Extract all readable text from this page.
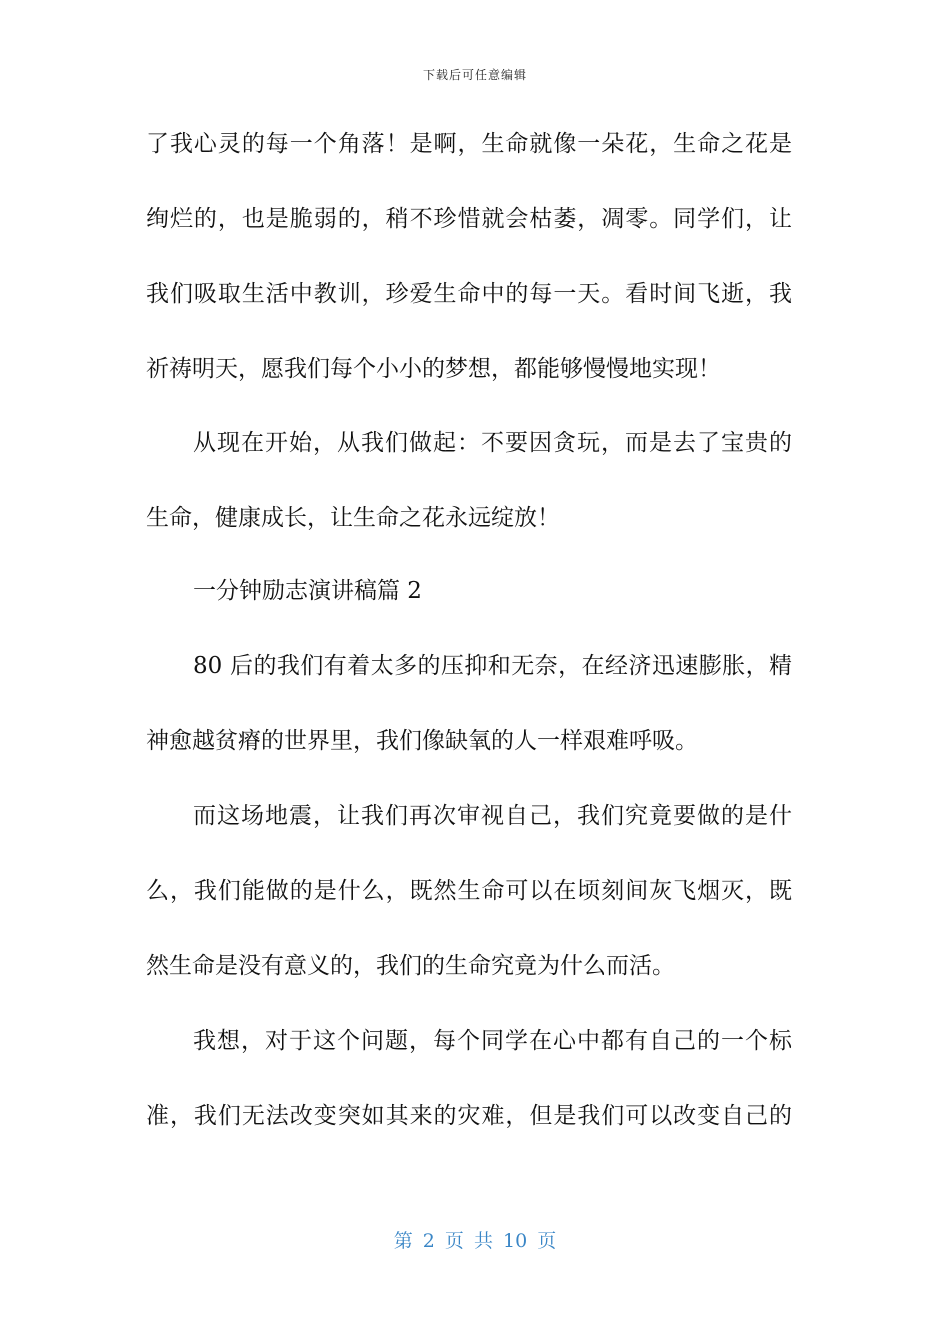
下载后可任意编辑
了我心灵的每一个角落！是啊，生命就像一朵花，生命之花是
绚烂的，也是脆弱的，稍不珍惜就会枯萎，凋零。同学们，让
我们吸取生活中教训，珍爱生命中的每一天。看时间飞逝，我
祈祷明天，愿我们每个小小的梦想，都能够慢慢地实现！
从现在开始，从我们做起：不要因贪玩，而是去了宝贵的
生命，健康成长，让生命之花永远绽放！
一分钟励志演讲稿篇 2
80 后的我们有着太多的压抑和无奈，在经济迅速膨胀，精
神愈越贫瘠的世界里，我们像缺氧的人一样艰难呼吸。
而这场地震，让我们再次审视自己，我们究竟要做的是什
么，我们能做的是什么，既然生命可以在顷刻间灰飞烟灭，既
然生命是没有意义的，我们的生命究竟为什么而活。
我想，对于这个问题，每个同学在心中都有自己的一个标
准，我们无法改变突如其来的灾难，但是我们可以改变自己的
第 2 页 共 10 页
